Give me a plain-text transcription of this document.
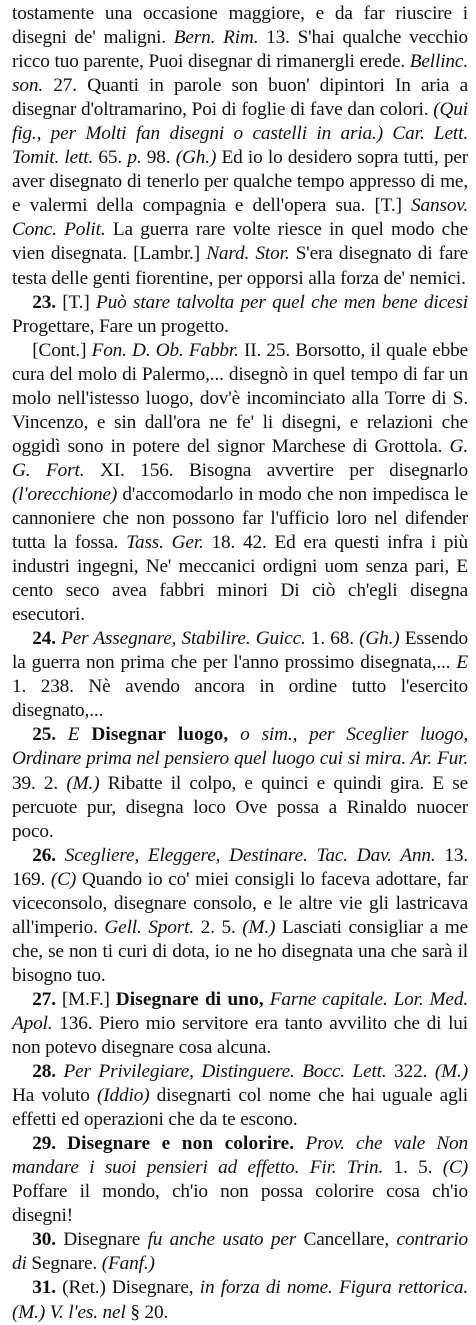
tostamente una occasione maggiore, e da far riuscire i disegni de' maligni. Bern. Rim. 13. S'hai qualche vecchio ricco tuo parente, Puoi disegnar di rimanergli erede. Bellinc. son. 27. Quanti in parole son buon' dipintori In aria a disegnar d'oltramarino, Poi di foglie di fave dan colori. (Qui fig., per Molti fan disegni o castelli in aria.) Car. Lett. Tomit. lett. 65. p. 98. (Gh.) Ed io lo desidero sopra tutti, per aver disegnato di tenerlo per qualche tempo appresso di me, e valermi della compagnia e dell'opera sua. [T.] Sansov. Conc. Polit. La guerra rare volte riesce in quel modo che vien disegnata. [Lambr.] Nard. Stor. S'era disegnato di fare testa delle genti fiorentine, per opporsi alla forza de' nemici.

23. [T.] Può stare talvolta per quel che men bene dicesi Progettare, Fare un progetto.

[Cont.] Fon. D. Ob. Fabbr. II. 25. Borsotto, il quale ebbe cura del molo di Palermo,... disegnò in quel tempo di far un molo nell'istesso luogo, dov'è incominciato alla Torre di S. Vincenzo, e sin dall'ora ne fe' li disegni, e relazioni che oggidì sono in potere del signor Marchese di Grottola. G. G. Fort. XI. 156. Bisogna avvertire per disegnarlo (l'orecchione) d'accomodarlo in modo che non impedisca le cannoniere che non possono far l'ufficio loro nel difender tutta la fossa. Tass. Ger. 18. 42. Ed era questi infra i più industri ingegni, Ne' meccanici ordigni uom senza pari, E cento seco avea fabbri minori Di ciò ch'egli disegna esecutori.

24. Per Assegnare, Stabilire. Guicc. 1. 68. (Gh.) Essendo la guerra non prima che per l'anno prossimo disegnata,... E 1. 238. Nè avendo ancora in ordine tutto l'esercito disegnato,...

25. E Disegnar luogo, o sim., per Sceglier luogo, Ordinare prima nel pensiero quel luogo cui si mira. Ar. Fur. 39. 2. (M.) Ribatte il colpo, e quinci e quindi gira. E se percuote pur, disegna loco Ove possa a Rinaldo nuocer poco.

26. Scegliere, Eleggere, Destinare. Tac. Dav. Ann. 13. 169. (C) Quando io co' miei consigli lo faceva adottare, far viceconsolo, disegnare consolo, e le altre vie gli lastricava all'imperio. Gell. Sport. 2. 5. (M.) Lasciati consigliar a me che, se non ti curi di dota, io ne ho disegnata una che sarà il bisogno tuo.

27. [M.F.] Disegnare di uno, Farne capitale. Lor. Med. Apol. 136. Piero mio servitore era tanto avvilito che di lui non potevo disegnare cosa alcuna.

28. Per Privilegiare, Distinguere. Bocc. Lett. 322. (M.) Ha voluto (Iddio) disegnarti col nome che hai uguale agli effetti ed operazioni che da te escono.

29. Disegnare e non colorire. Prov. che vale Non mandare i suoi pensieri ad effetto. Fir. Trin. 1. 5. (C) Poffare il mondo, ch'io non possa colorire cosa ch'io disegni!

30. Disegnare fu anche usato per Cancellare, contrario di Segnare. (Fanf.)

31. (Ret.) Disegnare, in forza di nome. Figura rettorica. (M.) V. l'es. nel § 20.
